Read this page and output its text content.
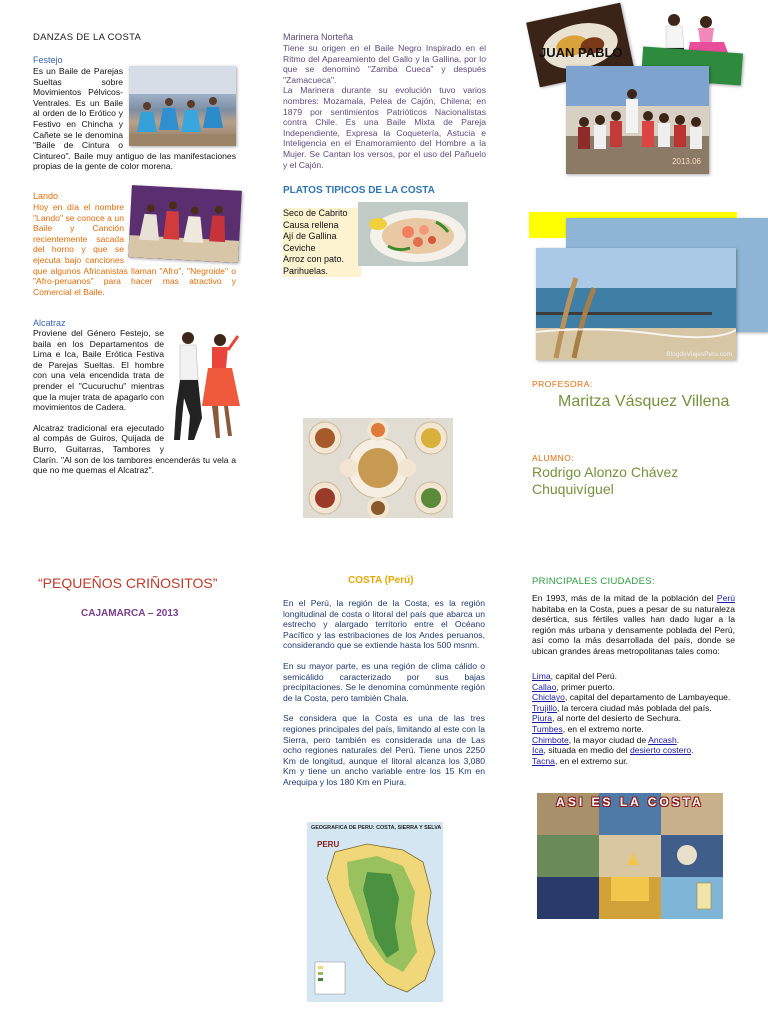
DANZAS DE LA COSTA
Festejo
Es un Baile de Parejas Sueltas sobre Movimientos Pélvicos-Ventrales. Es un Baile al orden de lo Erótico y Festivo en Chincha y Cañete se le denomina "Baile de Cintura o Cintureo". Baile muy antiguo de las manifestaciones propias de la gente de color morena.
Lando
Hoy en día el nombre "Lando" se conoce a un Baile y Canción recientemente sacada del horno y que se ejecuta bajo canciones que algunos Africanistas llaman "Afro", "Negroide" o "Afro-peruanos" para hacer mas atractivo y Comercial el Baile.
Alcatraz
Proviene del Género Festejo, se baila en los Departamentos de Lima e Ica, Baile Erótica Festiva de Parejas Sueltas. El hombre con una vela encendida trata de prender el "Cucuruchu" mientras que la mujer trata de apagarlo con movimientos de Cadera.
Alcatraz tradicional era ejecutado al compás de Guiros, Quijada de Burro, Guitarras, Tambores y Clarín. "Al son de los tambores encenderás tu vela a que no me quemas el Alcatraz".
Marinera Norteña
Tiene su origen en el Baile Negro Inspirado en el Ritmo del Apareamiento del Gallo y la Gallina, por lo que se denominó "Zamba Cueca" y después "Zamacueca".
La Marinera durante su evolución tuvo varios nombres: Mozamala, Pelea de Cajón, Chilena; en 1879 por sentimientos Patrióticos Nacionalistas contra Chile. Es una Baile Mixta de Pareja Independiente, Expresa la Coquetería, Astucia e Inteligencia en el Enamoramiento del Hombre a la Mujer. Se Cantan los versos, por el uso del Pañuelo y el Cajón.
PLATOS TIPICOS DE LA COSTA
Seco de Cabrito
Causa rellena
Ají de Gallina
Ceviche
Arroz con pato.
Parihuelas.
JUAN PABLO
2013.06
BlogdeViajesPeru.com
PROFESORA:
Maritza Vásquez Villena
ALUMNO:
Rodrigo Alonzo Chávez Chuquivíguel
“PEQUEÑOS CRIÑOSITOS”
CAJAMARCA – 2013
COSTA (Perú)
En el Perú, la región de la Costa, es la región longitudinal de costa o litoral del país que abarca un estrecho y alargado territorio entre el Océano Pacífico y las estribaciones de los Andes peruanos, considerando que se extiende hasta los 500 msnm.
En su mayor parte, es una región de clima cálido o semicálido caracterizado por sus bajas precipitaciones. Se le denomina comúnmente región de la Costa, pero también Chala.
Se considera que la Costa es una de las tres regiones principales del país, limitando al este con la Sierra, pero también es considerada una de Las ocho regiones naturales del Perú. Tiene unos 2250 Km de longitud, aunque el litoral alcanza los 3,080 Km y tiene un ancho variable entre los 15 Km en Arequipa y los 180 Km en Piura.
GEOGRAFICA DE PERU: COSTA, SIERRA Y SELVA
PERU
PRINCIPALES CIUDADES:
En 1993, más de la mitad de la población del Perú habitaba en la Costa, pues a pesar de su naturaleza desértica, sus fértiles valles han dado lugar a la región más urbana y densamente poblada del Perú, así como la más desarrollada del país, donde se ubican grandes áreas metropolitanas tales como:
Lima, capital del Perú.
Callao, primer puerto.
Chiclayo, capital del departamento de Lambayeque.
Trujillo, la tercera ciudad más poblada del país.
Piura, al norte del desierto de Sechura.
Tumbes, en el extremo norte.
Chimbote, la mayor ciudad de Ancash.
Ica, situada en medio del desierto costero.
Tacna, en el extremo sur.
ASI ES LA COSTA
